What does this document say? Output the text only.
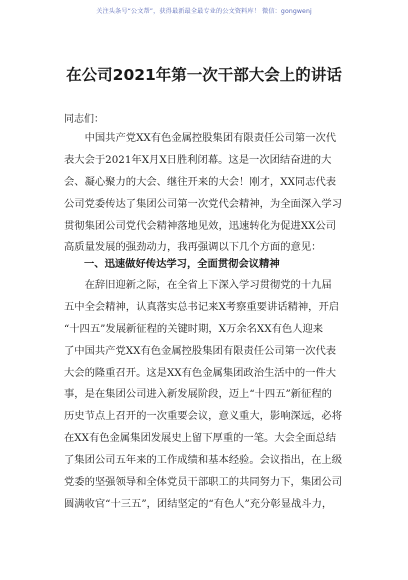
关注头条号“公文帮”，获得最新最全最专业的公文资料库！ 微信：gongwenj
在公司2021年第一次干部大会上的讲话
同志们：
　　中国共产党XX有色金属控股集团有限责任公司第一次代
表大会于2021年X月X日胜利闭幕。这是一次团结奋进的大
会、凝心聚力的大会、继往开来的大会！刚才，XX同志代表
公司党委传达了集团公司第一次党代会精神，为全面深入学习
贯彻集团公司党代会精神落地见效，迅速转化为促进XX公司
高质量发展的强劲动力，我再强调以下几个方面的意见：
一、迅速做好传达学习，全面贯彻会议精神
　　在辞旧迎新之际，在全省上下深入学习贯彻党的十九届
五中全会精神，认真落实总书记来X考察重要讲话精神，开启
“十四五”发展新征程的关键时期，X万余名XX有色人迎来
了中国共产党XX有色金属控股集团有限责任公司第一次代表
大会的隆重召开。这是XX有色金属集团政治生活中的一件大
事，是在集团公司进入新发展阶段，迈上“十四五”新征程的
历史节点上召开的一次重要会议，意义重大，影响深远，必将
在XX有色金属集团发展史上留下厚重的一笔。大会全面总结
了集团公司五年来的工作成绩和基本经验。会议指出，在上级
党委的坚强领导和全体党员干部职工的共同努力下，集团公司
圆满收官“十三五”，团结坚定的“有色人”充分彰显战斗力，
